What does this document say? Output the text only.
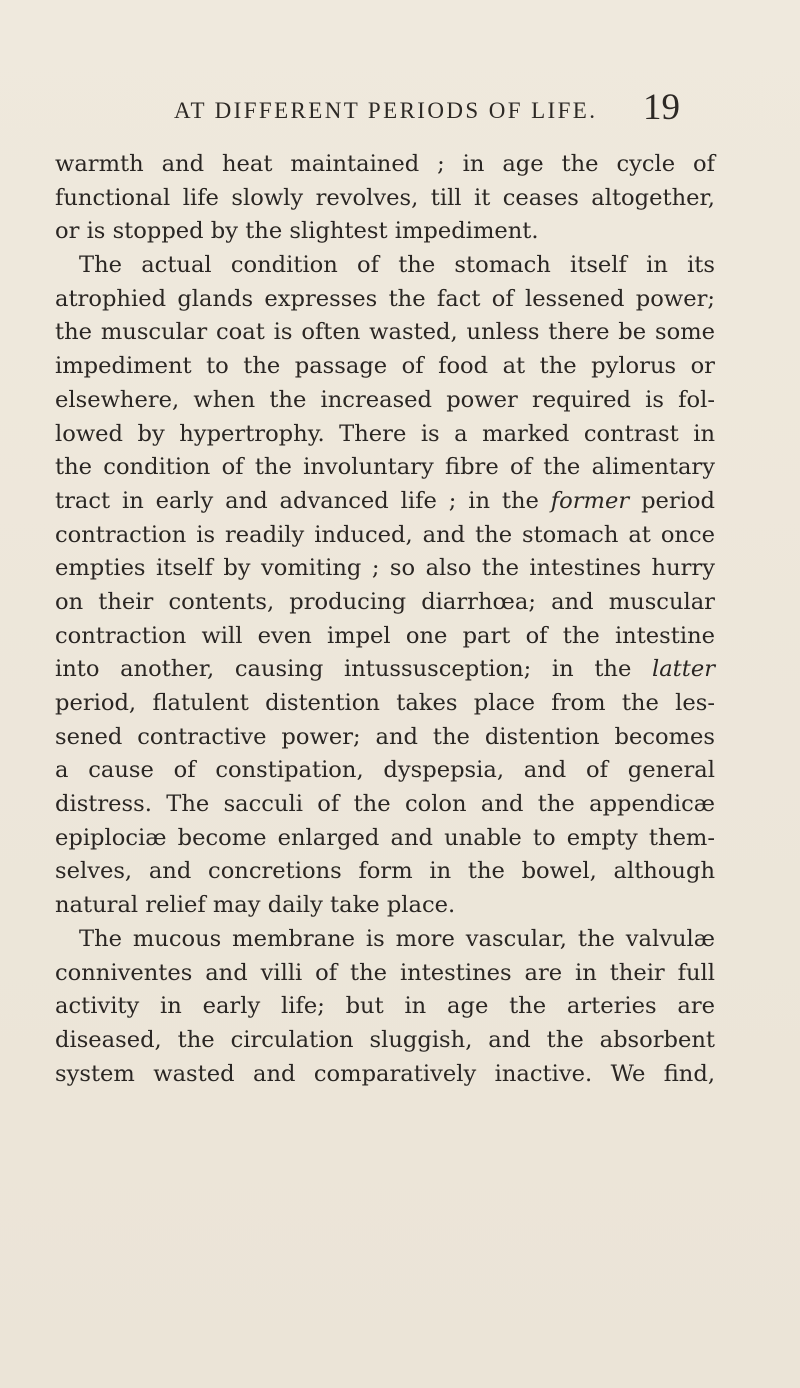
AT DIFFERENT PERIODS OF LIFE. 19
warmth and heat maintained ; in age the cycle of
functional life slowly revolves, till it ceases altogether,
or is stopped by the slightest impediment.
The actual condition of the stomach itself in its
atrophied glands expresses the fact of lessened power;
the muscular coat is often wasted, unless there be some
impediment to the passage of food at the pylorus or
elsewhere, when the increased power required is fol-
lowed by hypertrophy. There is a marked contrast in
the condition of the involuntary fibre of the alimentary
tract in early and advanced life ; in the former period
contraction is readily induced, and the stomach at once
empties itself by vomiting ; so also the intestines hurry
on their contents, producing diarrhœa; and muscular
contraction will even impel one part of the intestine
into another, causing intussusception; in the latter
period, flatulent distention takes place from the les-
sened contractive power; and the distention becomes
a cause of constipation, dyspepsia, and of general
distress. The sacculi of the colon and the appendicæ
epiplociæ become enlarged and unable to empty them-
selves, and concretions form in the bowel, although
natural relief may daily take place.
The mucous membrane is more vascular, the valvulæ
conniventes and villi of the intestines are in their full
activity in early life; but in age the arteries are
diseased, the circulation sluggish, and the absorbent
system wasted and comparatively inactive. We find,
